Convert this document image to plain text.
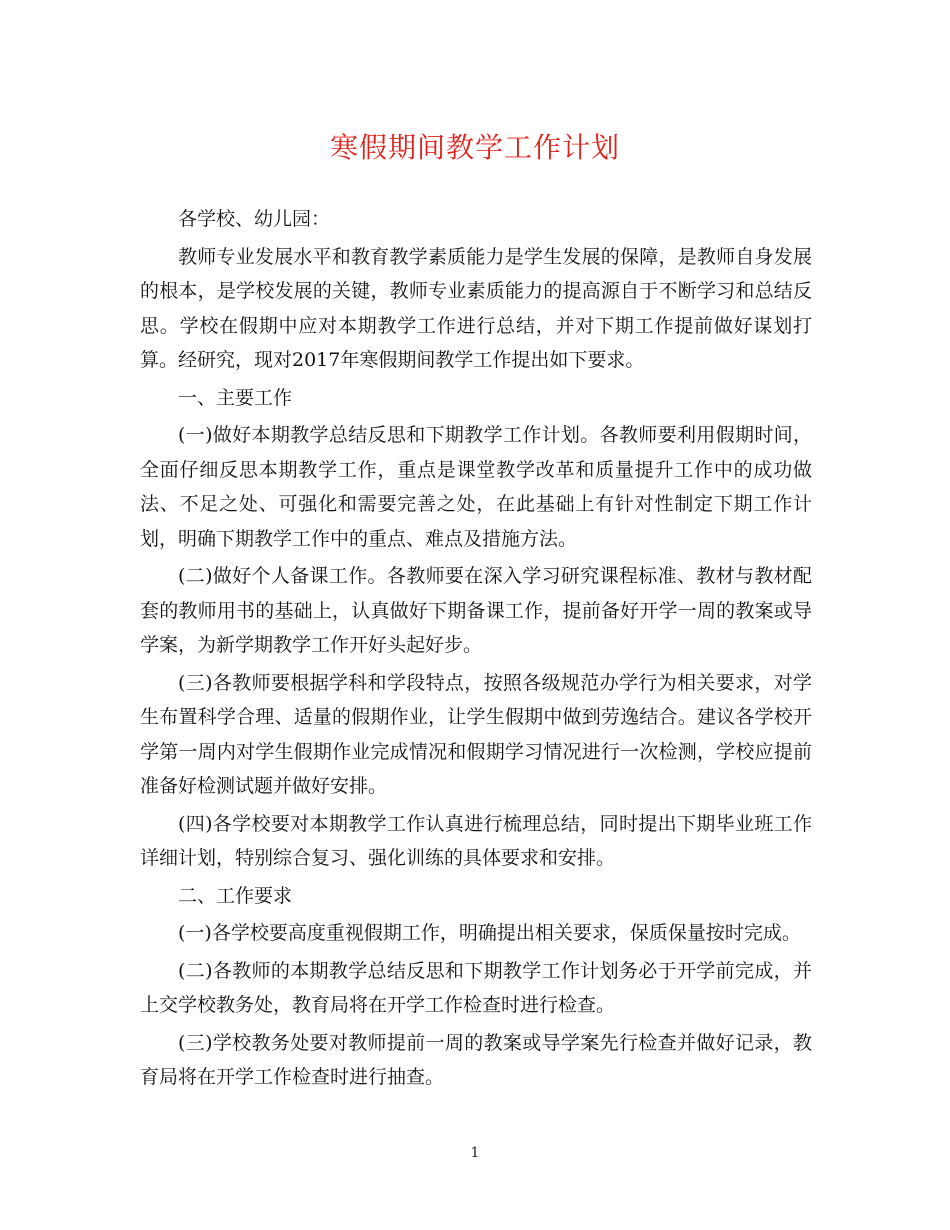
寒假期间教学工作计划

各学校、幼儿园：

教师专业发展水平和教育教学素质能力是学生发展的保障，是教师自身发展的根本，是学校发展的关键，教师专业素质能力的提高源自于不断学习和总结反思。学校在假期中应对本期教学工作进行总结，并对下期工作提前做好谋划打算。经研究，现对2017年寒假期间教学工作提出如下要求。

一、主要工作

(一)做好本期教学总结反思和下期教学工作计划。各教师要利用假期时间，全面仔细反思本期教学工作，重点是课堂教学改革和质量提升工作中的成功做法、不足之处、可强化和需要完善之处，在此基础上有针对性制定下期工作计划，明确下期教学工作中的重点、难点及措施方法。

(二)做好个人备课工作。各教师要在深入学习研究课程标准、教材与教材配套的教师用书的基础上，认真做好下期备课工作，提前备好开学一周的教案或导学案，为新学期教学工作开好头起好步。

(三)各教师要根据学科和学段特点，按照各级规范办学行为相关要求，对学生布置科学合理、适量的假期作业，让学生假期中做到劳逸结合。建议各学校开学第一周内对学生假期作业完成情况和假期学习情况进行一次检测，学校应提前准备好检测试题并做好安排。

(四)各学校要对本期教学工作认真进行梳理总结，同时提出下期毕业班工作详细计划，特别综合复习、强化训练的具体要求和安排。

二、工作要求

(一)各学校要高度重视假期工作，明确提出相关要求，保质保量按时完成。

(二)各教师的本期教学总结反思和下期教学工作计划务必于开学前完成，并上交学校教务处，教育局将在开学工作检查时进行检查。

(三)学校教务处要对教师提前一周的教案或导学案先行检查并做好记录，教育局将在开学工作检查时进行抽查。

1
